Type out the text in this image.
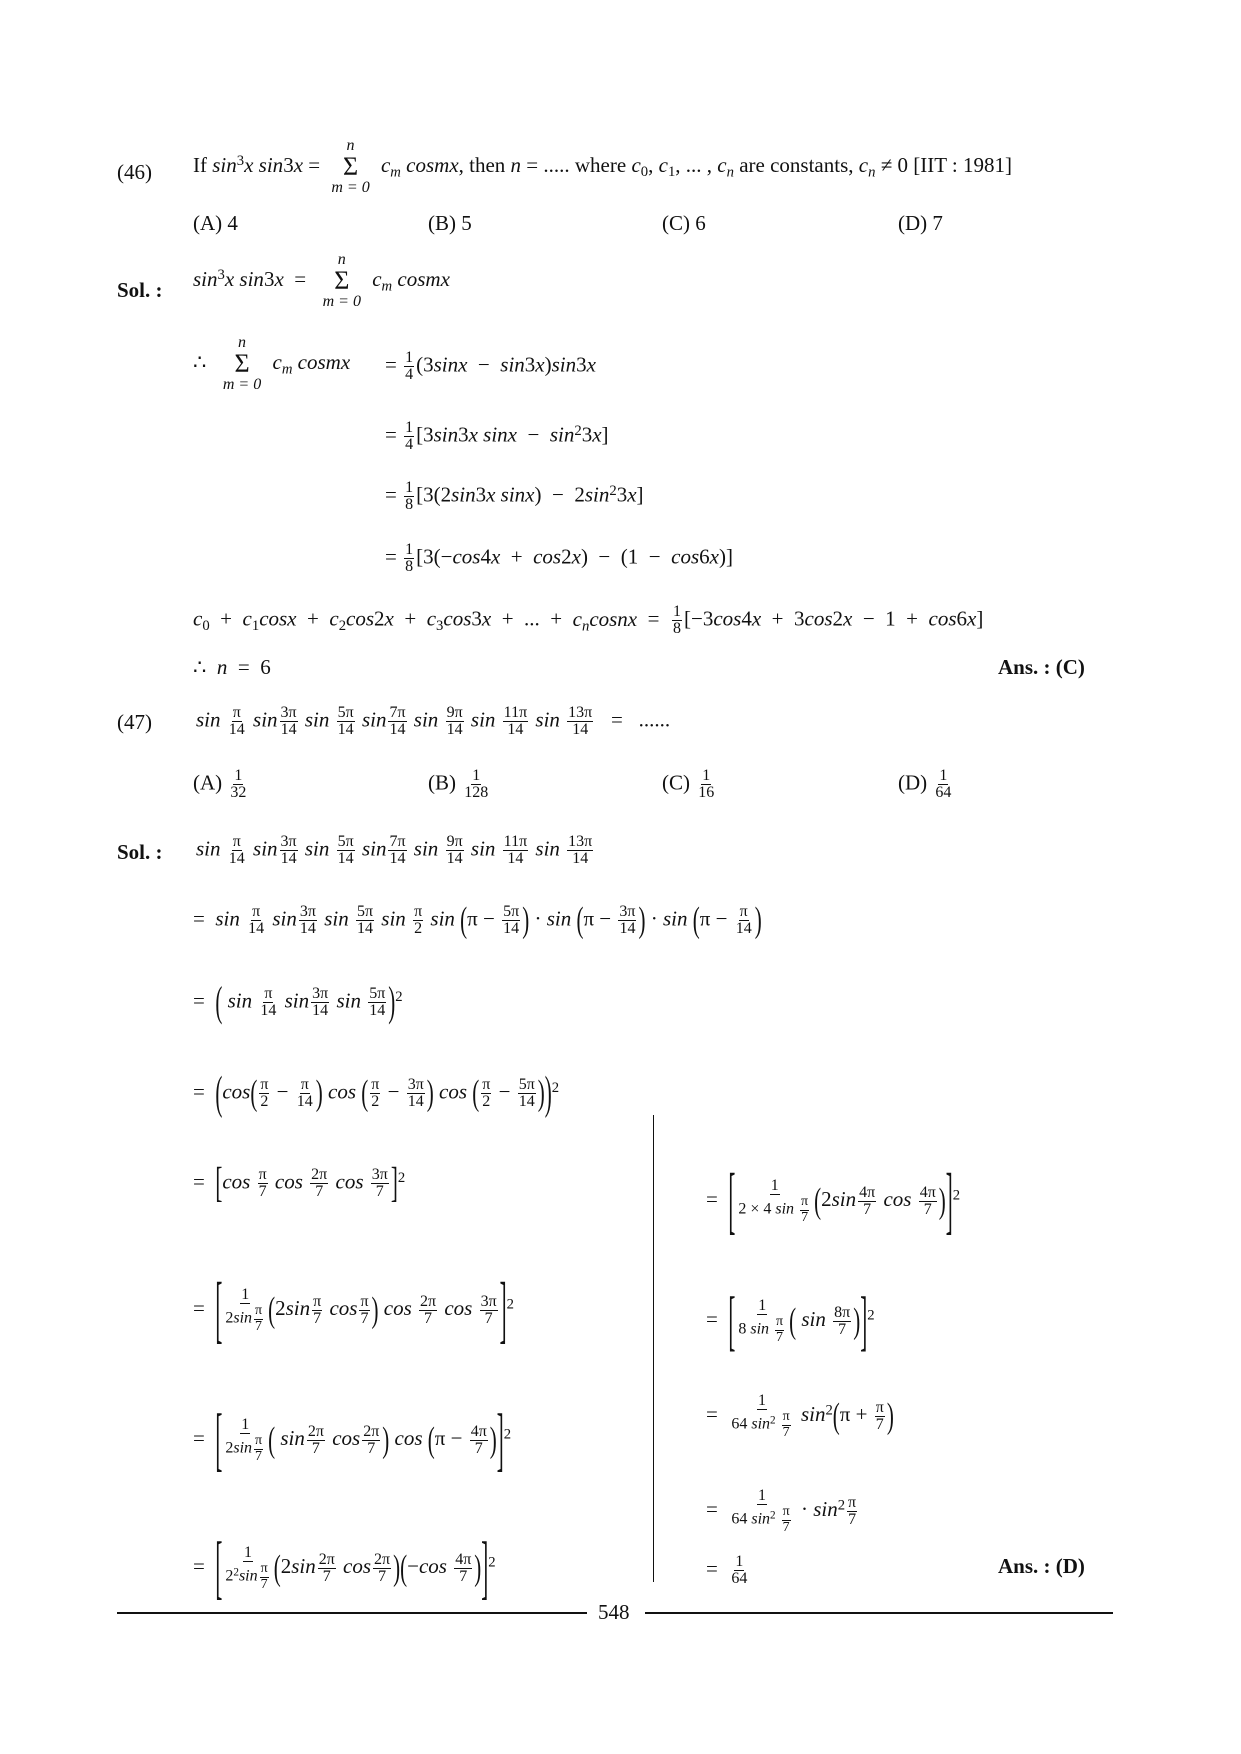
(46) If $\sin^3x$ sin3x =
n
Σ
m = 0
$c_m$ cosmx, then n = ..... where $c_0$, $c_1$, ... , $c_n$ are constants, $c_n \ne 0$ [IIT : 1981]
(A) 4	(B) 5	(C) 6	(D) 7
Sol. : $\sin^3x$ sin3x  =
n
Σ
m = 0
$c_m$ cosmx
∴
n
Σ
m = 0
$c_m$ cosmx = $\frac{1}{4} (3\sin x - \sin 3x)\sin 3x$
= $\frac{1}{4} [3\sin 3x$ $\sin x - \sin^23x$]
= $\frac{1}{8} [3(2\sin 3x$ $\sin x) - 2\sin^23x$]
= $\frac{1}{8} [3(-\cos 4x + \cos 2x) - (1 - \cos 6x)]$
$c_0 + c_1\cos x + c_2\cos 2x + c_3\cos 3x$  +  ...  +  $c_ncosnx = \frac{1}{8} [-3\cos 4x + 3\cos 2x - 1 + \cos 6x]$
∴  n  =  6	Ans. : (C)
(47) $\sin \frac{\pi}{14}$ $\sin \frac{3\pi}{14}$ $\sin \frac{5\pi}{14}$ $\sin \frac{7\pi}{14}$ $\sin \frac{9\pi}{14}$ $\sin \frac{11\pi}{14}$ $\sin \frac{13\pi}{14}$ =   ......
$(A) \frac{1}{32}$	$(B) \frac{1}{128}$	$(C) \frac{1}{16}$	$(D) \frac{1}{64}$
Sol. : $\sin \frac{\pi}{14}$ $\sin \frac{3\pi}{14}$ $\sin \frac{5\pi}{14}$ $\sin \frac{7\pi}{14}$ $\sin \frac{9\pi}{14}$ $\sin \frac{11\pi}{14}$ $\sin \frac{13\pi}{14}$
=  $\sin \frac{\pi}{14}$ $\sin \frac{3\pi}{14}$ $\sin \frac{5\pi}{14}$ $\sin \frac{\pi}{2}$ $\sin (\pi - \frac{5\pi}{14}$ ) · $\sin (\pi - \frac{3\pi}{14}$ ) · $\sin (\pi - \frac{\pi}{14}$ )
=  ( $\sin \frac{\pi}{14}$ $\sin \frac{3\pi}{14}$ $\sin \frac{5\pi}{14} )^2$
=  ($\cos( \frac{\pi}{2} - \frac{\pi}{14}$ ) cos ( $\frac{\pi}{2} - \frac{3\pi}{14}$ ) cos ( $\frac{\pi}{2} - \frac{5\pi}{14} ))^2$
=  [$\cos \frac{\pi}{7}$ $\cos \frac{2\pi}{7}$ $\cos \frac{3\pi}{7} ]^2$
=  [ $\frac{1}{2\sin \frac{\pi}{7}} (2\sin \frac{\pi}{7}$ $\cos \frac{\pi}{7}$ ) $\cos \frac{2\pi}{7}$ $\cos \frac{3\pi}{7} ]^2$
=  [ $\frac{1}{2\sin \frac{\pi}{7}}$ ( $\sin \frac{2\pi}{7}$ $\cos \frac{2\pi}{7}$ ) $\cos (\pi - \frac{4\pi}{7} )]^2$
=  [ $\frac{1}{2^2\sin \frac{\pi}{7}} (2\sin \frac{2\pi}{7}$ $\cos \frac{2\pi}{7} )(-\cos \frac{4\pi}{7} )]^2$
=  [ $\frac{1}{2 \times 4 \sin \frac{\pi}{7}} (2\sin \frac{4\pi}{7}$ $\cos \frac{4\pi}{7} )]^2$
=  [ $\frac{1}{8 \sin \frac{\pi}{7}}$ ( $\sin \frac{8\pi}{7} )]^2$
= $\frac{1}{64 \sin^2 \frac{\pi}{7}} \sin^2(\pi + \frac{\pi}{7}$ )
= $\frac{1}{64 \sin^2 \frac{\pi}{7}} \cdot \sin^2 \frac{\pi}{7}$
= $\frac{1}{64}$	Ans. : (D)
548
